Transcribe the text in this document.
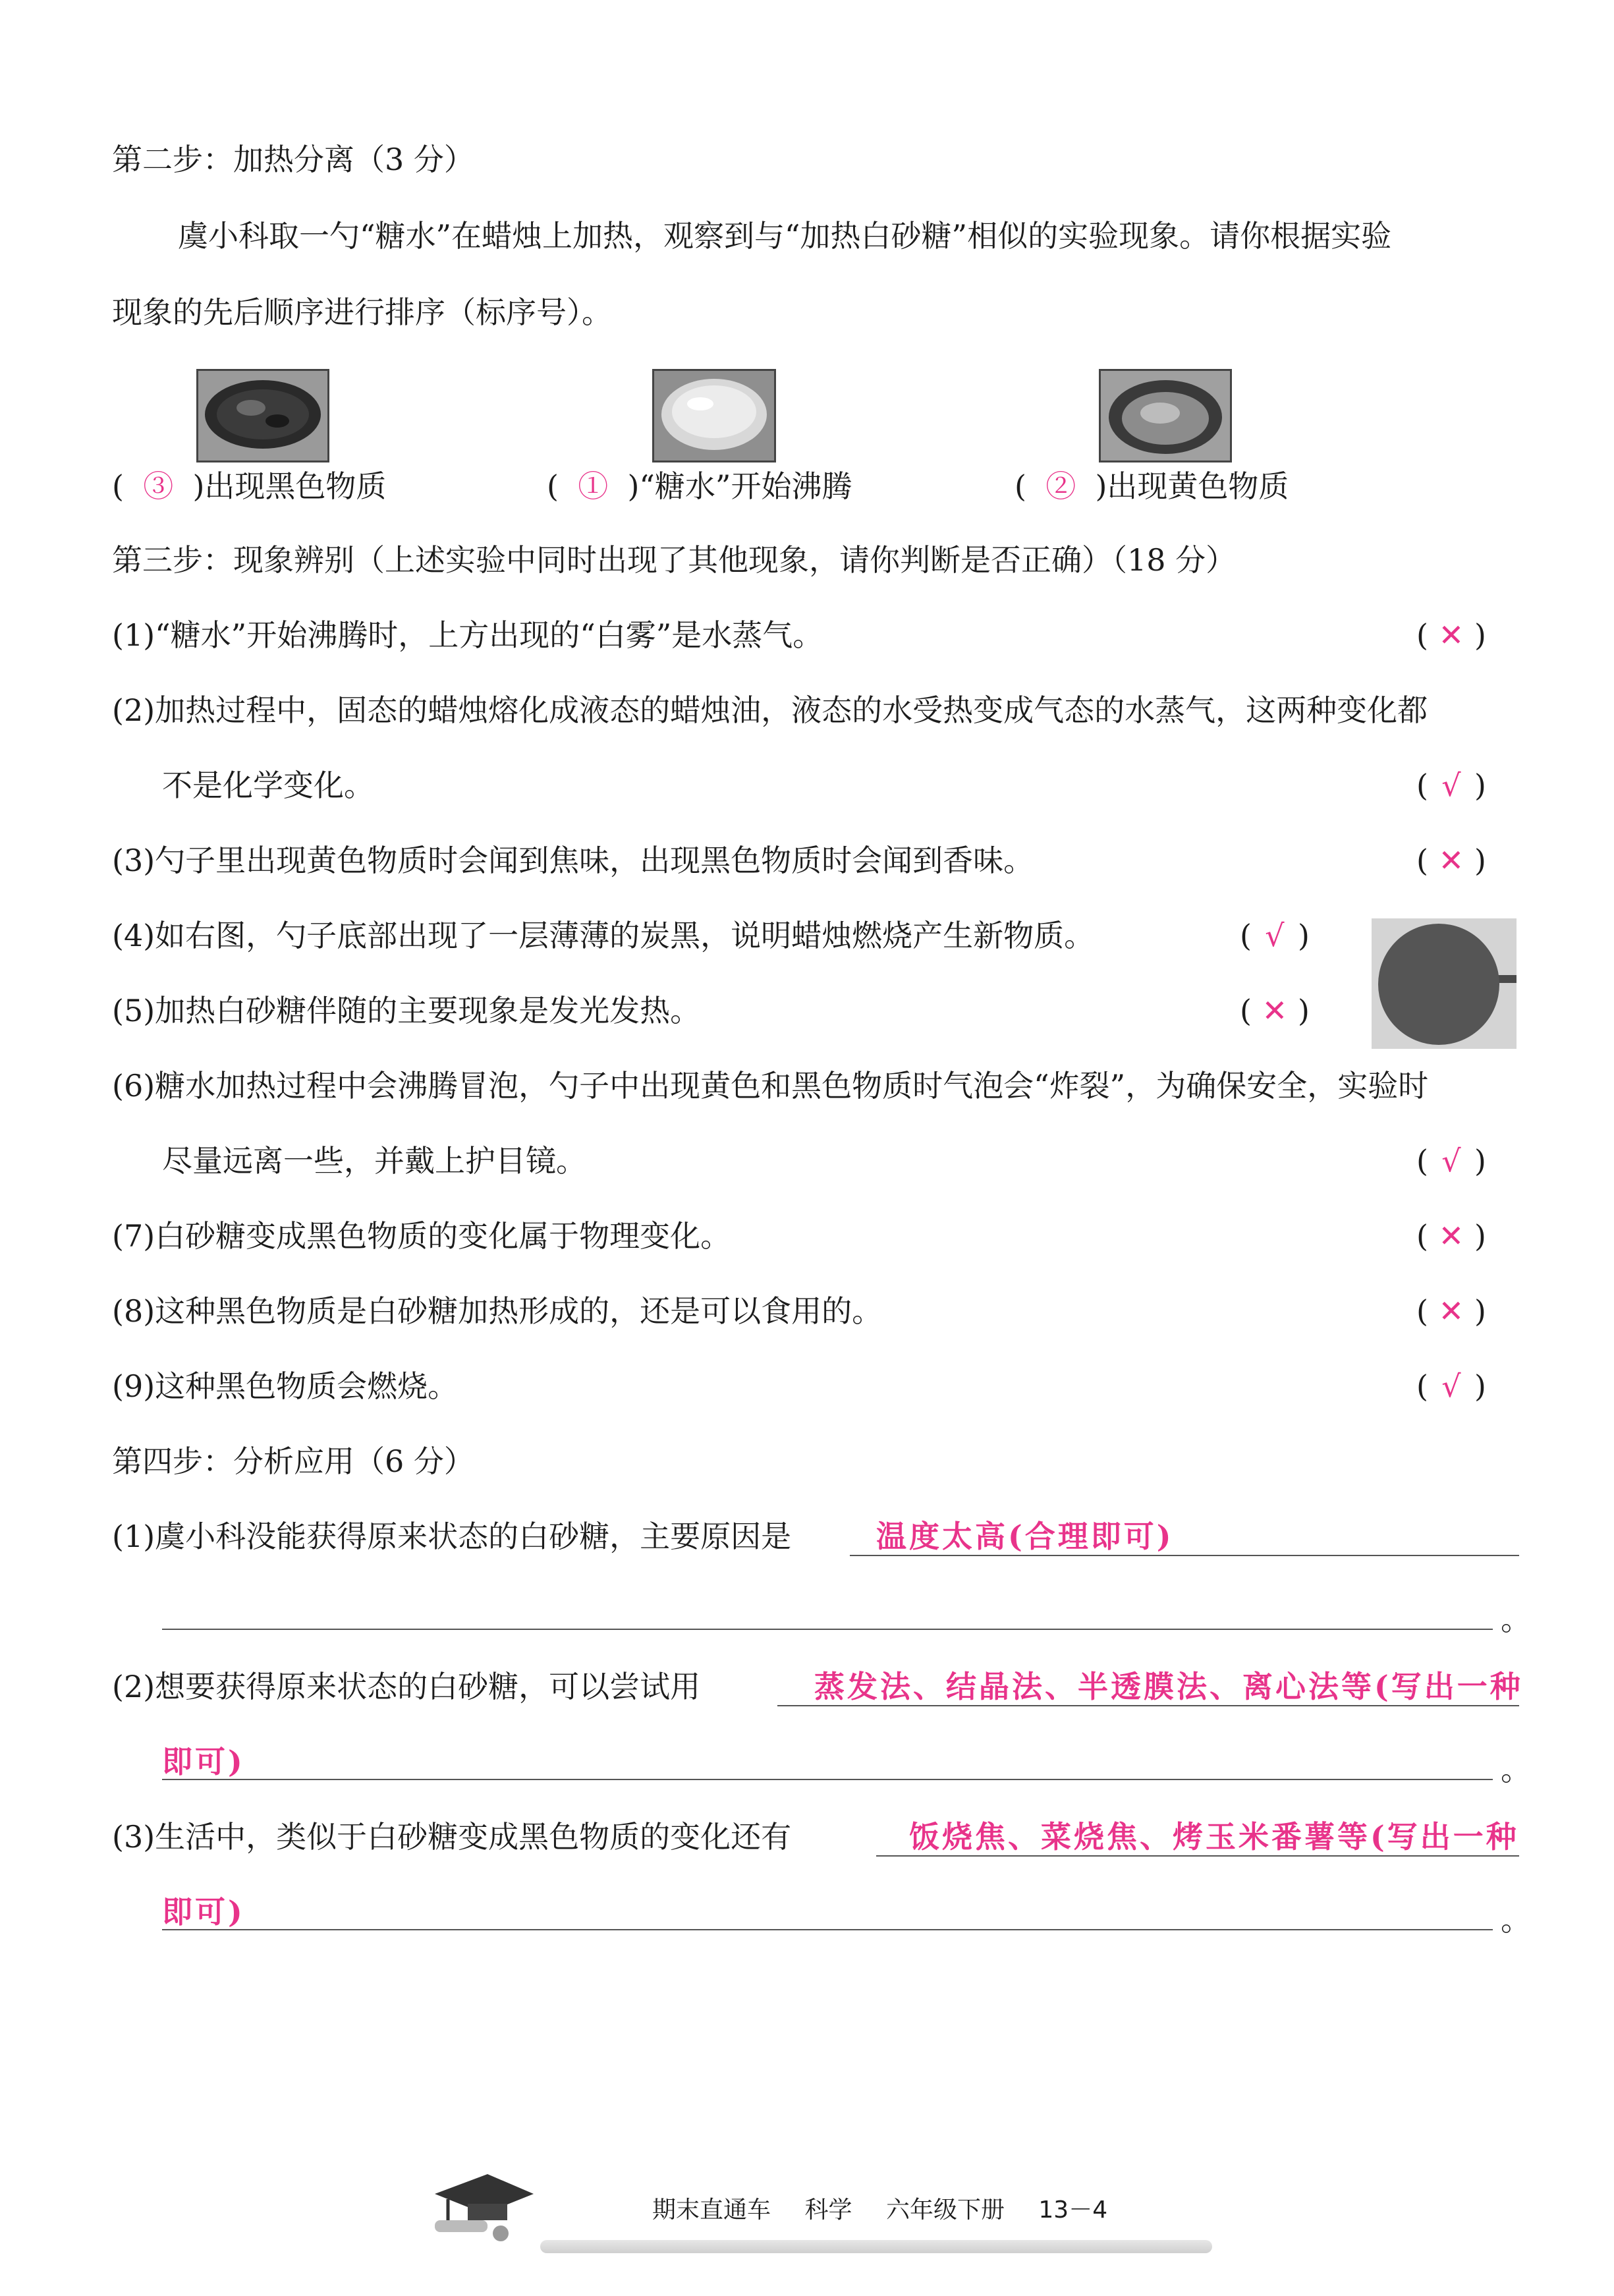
第二步：加热分离（3 分）
虞小科取一勺“糖水”在蜡烛上加热，观察到与“加热白砂糖”相似的实验现象。请你根据实验
现象的先后顺序进行排序（标序号）。
(  ③  )出现黑色物质	(  ①  )“糖水”开始沸腾	(  ②  )出现黄色物质
第三步：现象辨别（上述实验中同时出现了其他现象，请你判断是否正确）（18 分）
(1)“糖水”开始沸腾时，上方出现的“白雾”是水蒸气。	( ✕ )
(2)加热过程中，固态的蜡烛熔化成液态的蜡烛油，液态的水受热变成气态的水蒸气，这两种变化都
不是化学变化。	( √ )
(3)勺子里出现黄色物质时会闻到焦味，出现黑色物质时会闻到香味。	( ✕ )
(4)如右图，勺子底部出现了一层薄薄的炭黑，说明蜡烛燃烧产生新物质。	( √ )
(5)加热白砂糖伴随的主要现象是发光发热。	( ✕ )
(6)糖水加热过程中会沸腾冒泡，勺子中出现黄色和黑色物质时气泡会“炸裂”，为确保安全，实验时
尽量远离一些，并戴上护目镜。	( √ )
(7)白砂糖变成黑色物质的变化属于物理变化。	( ✕ )
(8)这种黑色物质是白砂糖加热形成的，还是可以食用的。	( ✕ )
(9)这种黑色物质会燃烧。	( √ )
第四步：分析应用（6 分）
(1)虞小科没能获得原来状态的白砂糖，主要原因是	温度太高(合理即可)
。
(2)想要获得原来状态的白砂糖，可以尝试用	蒸发法、结晶法、半透膜法、离心法等(写出一种
即可)	。
(3)生活中，类似于白砂糖变成黑色物质的变化还有	饭烧焦、菜烧焦、烤玉米番薯等(写出一种
即可)	。
期末直通车 科学 六年级下册 13－4
